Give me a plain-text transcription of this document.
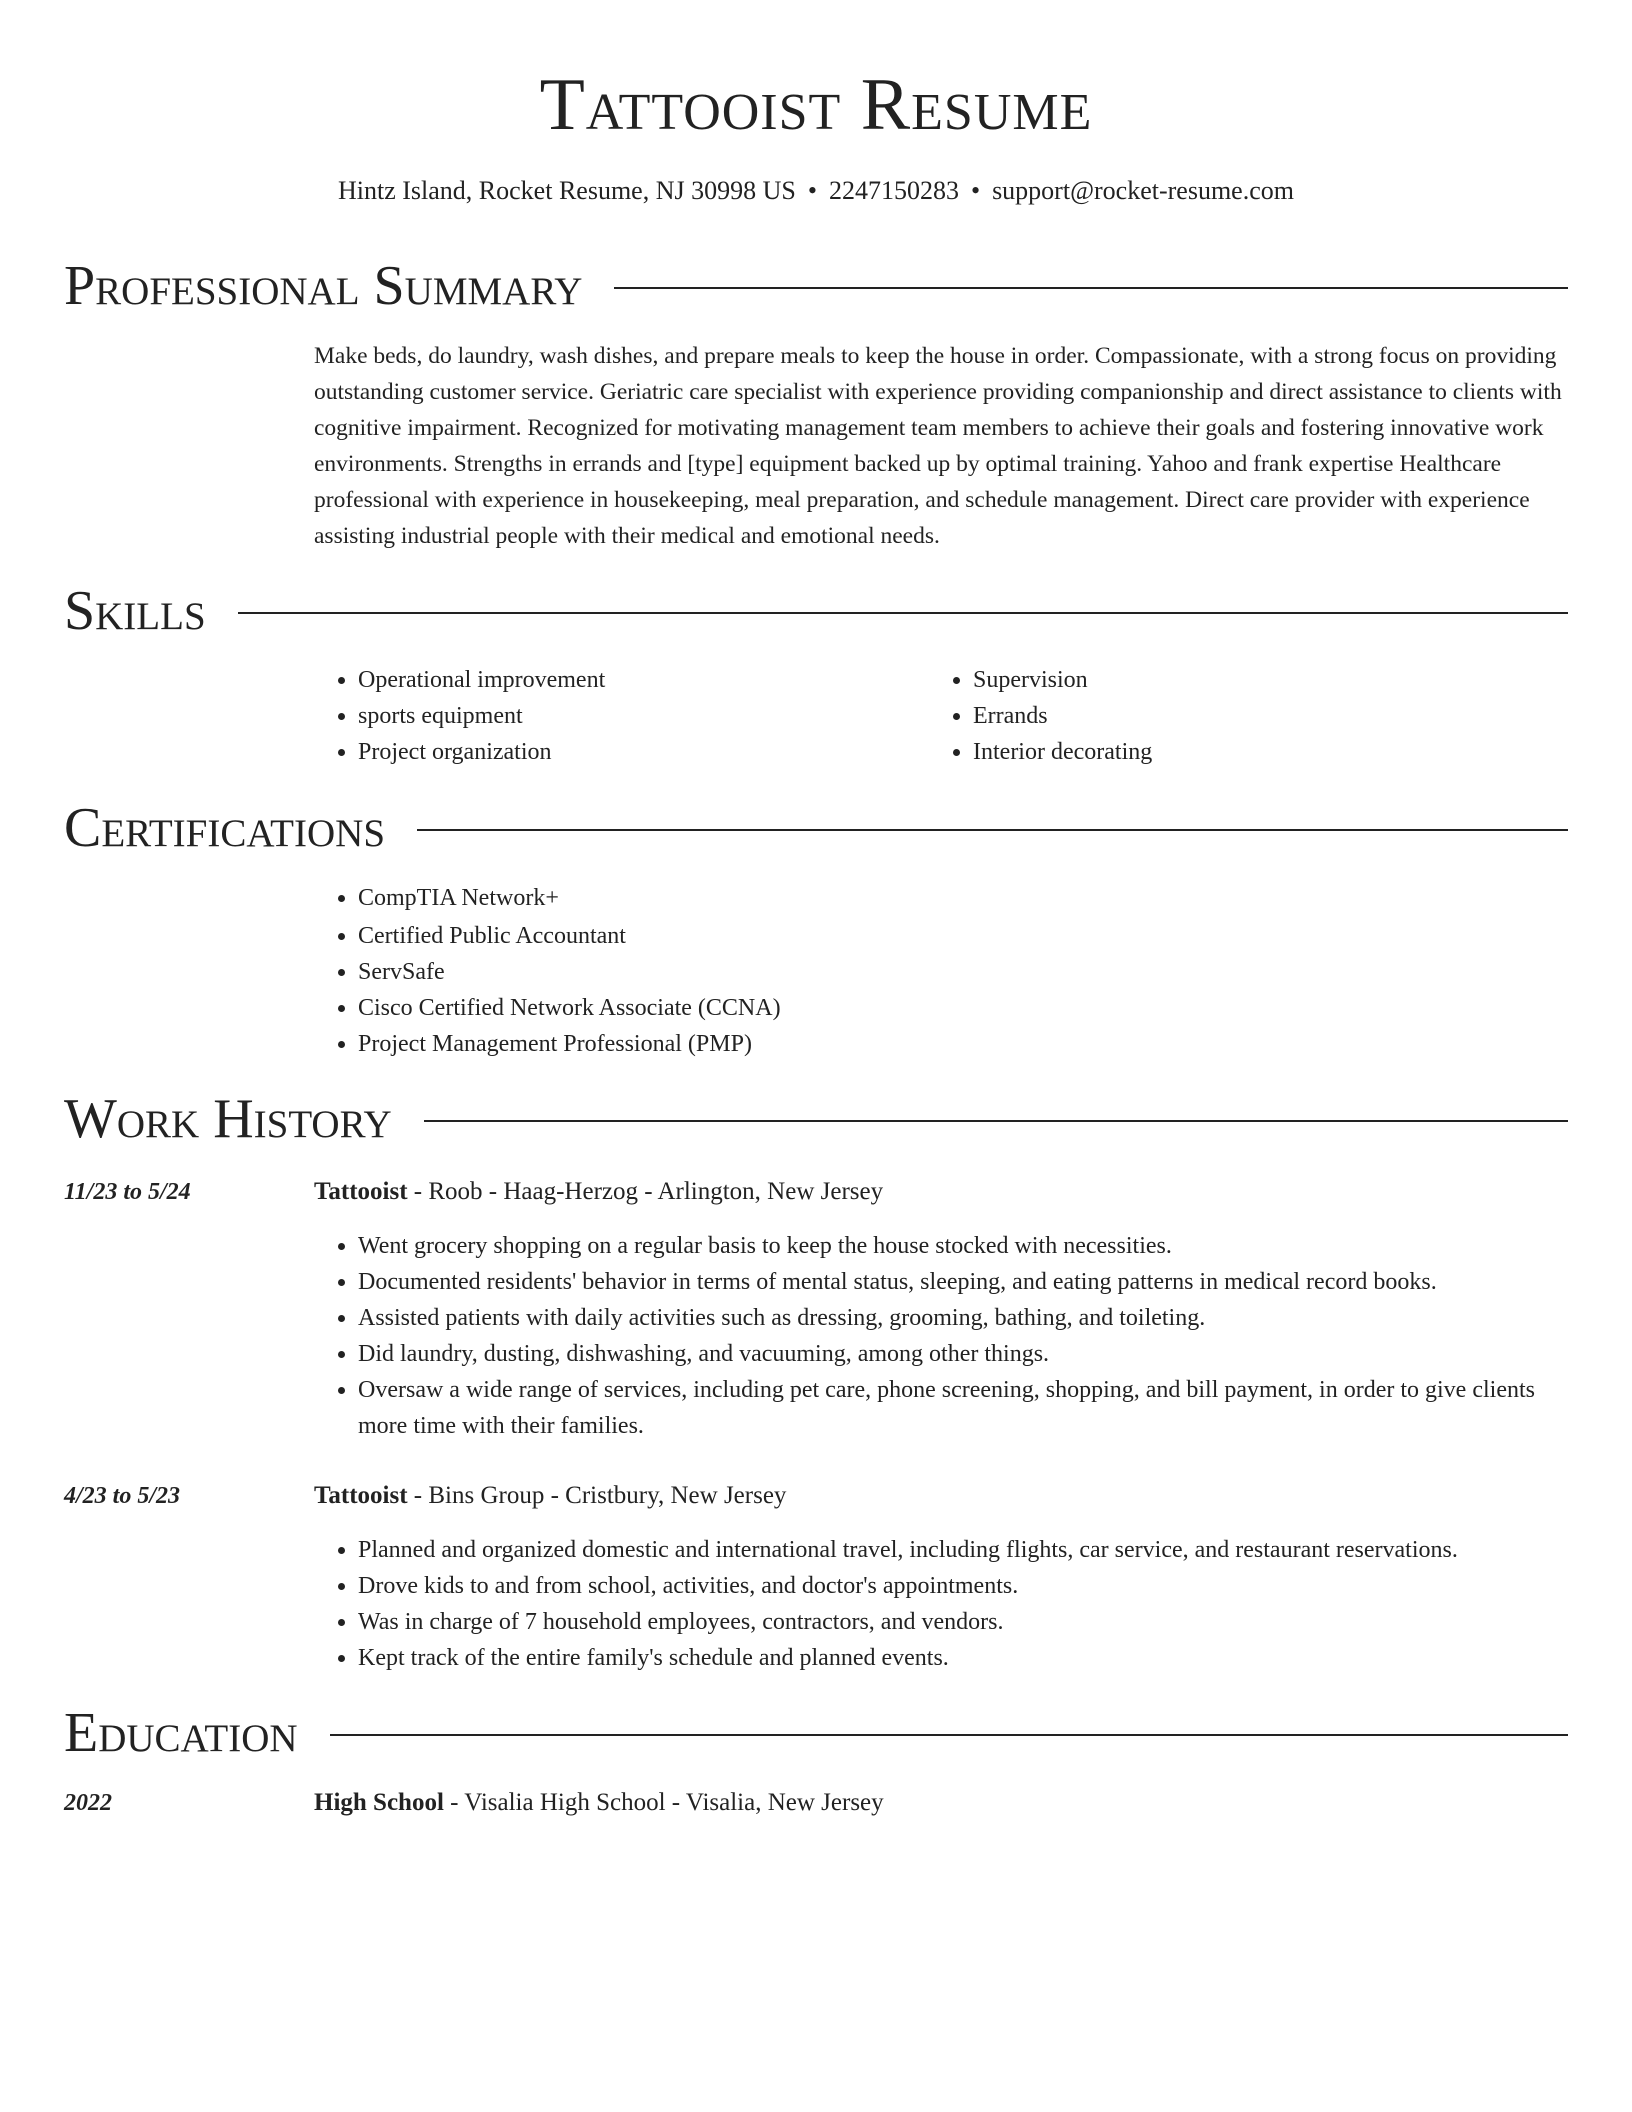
Tattooist Resume
Hintz Island, Rocket Resume, NJ 30998 US • 2247150283 • support@rocket-resume.com
Professional Summary

Make beds, do laundry, wash dishes, and prepare meals to keep the house in order. Compassionate, with a strong focus on providing outstanding customer service. Geriatric care specialist with experience providing companionship and direct assistance to clients with cognitive impairment. Recognized for motivating management team members to achieve their goals and fostering innovative work environments. Strengths in errands and [type] equipment backed up by optimal training. Yahoo and frank expertise Healthcare professional with experience in housekeeping, meal preparation, and schedule management. Direct care provider with experience assisting industrial people with their medical and emotional needs.

Skills
• Operational improvement
• sports equipment
• Project organization
• Supervision
• Errands
• Interior decorating
Certifications
• CompTIA Network+
• Certified Public Accountant
• ServSafe
• Cisco Certified Network Associate (CCNA)
• Project Management Professional (PMP)
Work History
11/23 to 5/24	Tattooist - Roob - Haag-Herzog - Arlington, New Jersey
• Went grocery shopping on a regular basis to keep the house stocked with necessities.
• Documented residents' behavior in terms of mental status, sleeping, and eating patterns in medical record books.
• Assisted patients with daily activities such as dressing, grooming, bathing, and toileting.
• Did laundry, dusting, dishwashing, and vacuuming, among other things.
• Oversaw a wide range of services, including pet care, phone screening, shopping, and bill payment, in order to give clients more time with their families.
4/23 to 5/23	Tattooist - Bins Group - Cristbury, New Jersey
• Planned and organized domestic and international travel, including flights, car service, and restaurant reservations.
• Drove kids to and from school, activities, and doctor's appointments.
• Was in charge of 7 household employees, contractors, and vendors.
• Kept track of the entire family's schedule and planned events.
Education
2022	High School - Visalia High School - Visalia, New Jersey
